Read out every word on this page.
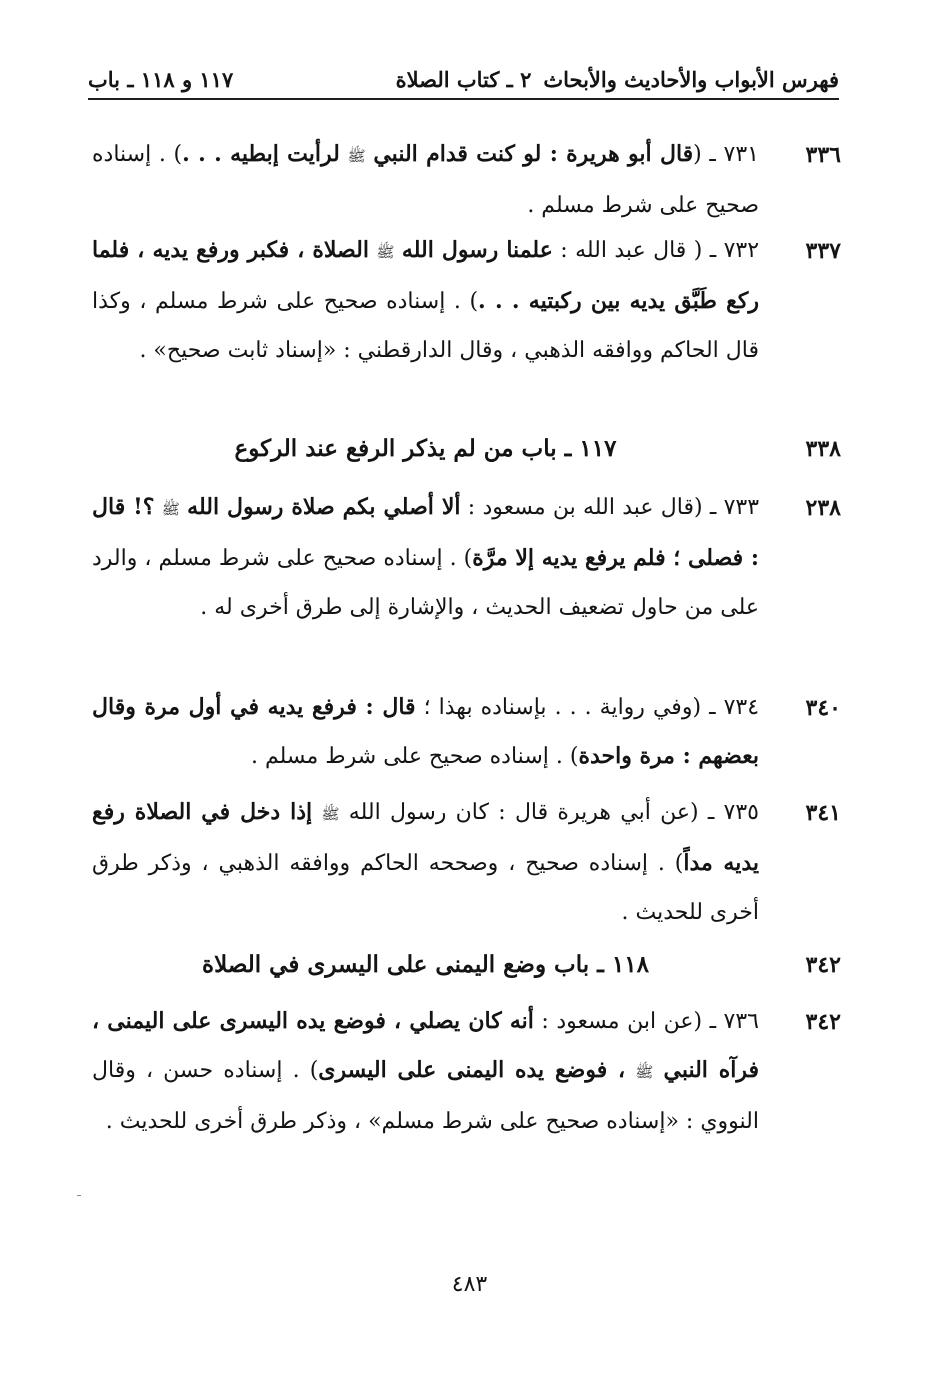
فهرس الأبواب والأحاديث والأبحاث
٢ ـ كتاب الصلاة
١١٧ و ١١٨ ـ باب
٣٣٦
٧٣١ ـ (قال أبو هريرة : لو كنت قدام النبي ﷺ لرأيت إبطيه . . .) . إسناده صحيح على شرط مسلم .
٣٣٧
٧٣٢ ـ ( قال عبد الله : علمنا رسول الله ﷺ الصلاة ، فكبر ورفع يديه ، فلما ركع طَبَّق يديه بين ركبتيه . . .) . إسناده صحيح على شرط مسلم ، وكذا قال الحاكم ووافقه الذهبي ، وقال الدارقطني : «إسناد ثابت صحيح» .
٣٣٨
١١٧ ـ باب من لم يذكر الرفع عند الركوع
٢٣٨
٧٣٣ ـ (قال عبد الله بن مسعود : ألا أصلي بكم صلاة رسول الله ﷺ ؟! قال : فصلى ؛ فلم يرفع يديه إلا مرَّة) . إسناده صحيح على شرط مسلم ، والرد على من حاول تضعيف الحديث ، والإشارة إلى طرق أخرى له .
٣٤٠
٧٣٤ ـ (وفي رواية . . . بإسناده بهذا ؛ قال : فرفع يديه في أول مرة وقال بعضهم : مرة واحدة) . إسناده صحيح على شرط مسلم .
٣٤١
٧٣٥ ـ (عن أبي هريرة قال : كان رسول الله ﷺ إذا دخل في الصلاة رفع يديه مداً) . إسناده صحيح ، وصححه الحاكم ووافقه الذهبي ، وذكر طرق أخرى للحديث .
٣٤٢
١١٨ ـ باب وضع اليمنى على اليسرى في الصلاة
٣٤٢
٧٣٦ ـ (عن ابن مسعود : أنه كان يصلي ، فوضع يده اليسرى على اليمنى ، فرآه النبي ﷺ ، فوضع يده اليمنى على اليسرى) . إسناده حسن ، وقال النووي : «إسناده صحيح على شرط مسلم» ، وذكر طرق أخرى للحديث .
٤٨٣
